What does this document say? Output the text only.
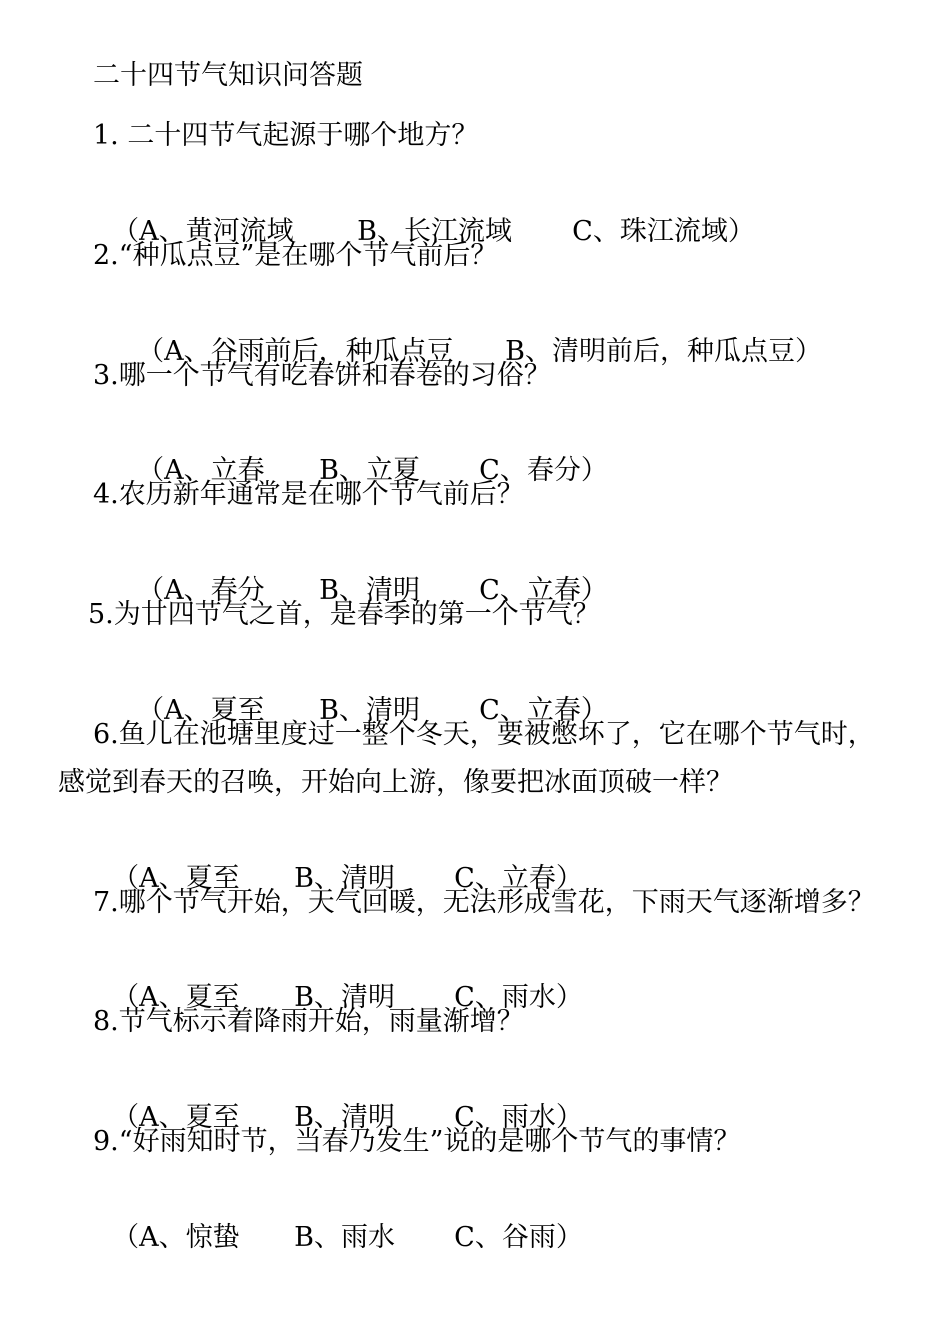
二十四节气知识问答题
1. 二十四节气起源于哪个地方？

（A、黄河流域 B、长江流域 C、珠江流域）

2.“种瓜点豆”是在哪个节气前后？

（A、谷雨前后，种瓜点豆 B、清明前后，种瓜点豆）

3.哪一个节气有吃春饼和春卷的习俗？

（A、立春 B、立夏 C、春分）

4.农历新年通常是在哪个节气前后？

（A、春分 B、清明 C、立春）

5.为廿四节气之首，是春季的第一个节气？

（A、夏至 B、清明 C、立春）

6.鱼儿在池塘里度过一整个冬天，要被憋坏了，它在哪个节气时，
感觉到春天的召唤，开始向上游，像要把冰面顶破一样？

（A、夏至 B、清明 C、立春）

7.哪个节气开始，天气回暖，无法形成雪花，下雨天气逐渐增多？

（A、夏至 B、清明 C、雨水）

8.节气标示着降雨开始，雨量渐增？

（A、夏至 B、清明 C、雨水）

9.“好雨知时节，当春乃发生”说的是哪个节气的事情？

（A、惊蛰 B、雨水 C、谷雨）
